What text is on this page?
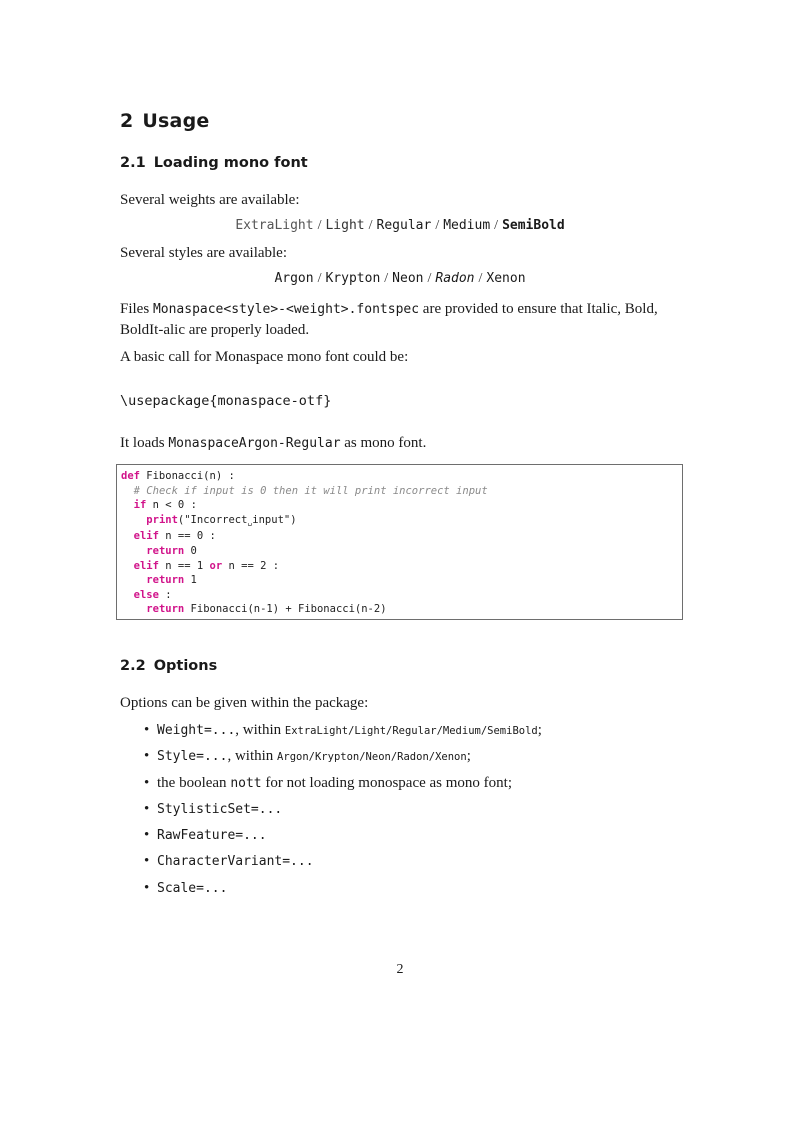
2 Usage
2.1 Loading mono font
Several weights are available:
ExtraLight / Light / Regular / Medium / SemiBold
Several styles are available:
Argon / Krypton / Neon / Radon / Xenon
Files Monaspace<style>-<weight>.fontspec are provided to ensure that Italic, Bold, BoldIt-alic are properly loaded.
A basic call for Monaspace mono font could be:
\usepackage{monaspace-otf}
It loads MonaspaceArgon-Regular as mono font.
def Fibonacci(n) :
# Check if input is 0 then it will print incorrect input
if n < 0 :
print("Incorrect␣input")
elif n == 0 :
return 0
elif n == 1 or n == 2 :
return 1
else :
return Fibonacci(n-1) + Fibonacci(n-2)
2.2 Options
Options can be given within the package:
• Weight=..., within ExtraLight/Light/Regular/Medium/SemiBold;
• Style=..., within Argon/Krypton/Neon/Radon/Xenon;
• the boolean nott for not loading monospace as mono font;
• StylisticSet=...
• RawFeature=...
• CharacterVariant=...
• Scale=...
2
